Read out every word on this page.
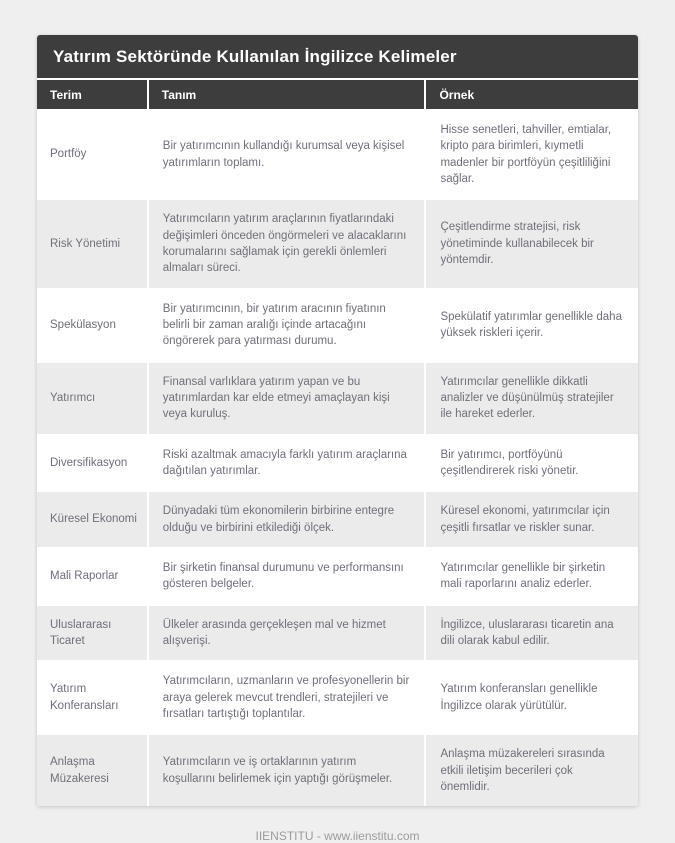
Yatırım Sektöründe Kullanılan İngilizce Kelimeler
Terim	Tanım	Örnek
Portföy	Bir yatırımcının kullandığı kurumsal veya kişisel yatırımların toplamı.	Hisse senetleri, tahviller, emtialar, kripto para birimleri, kıymetli madenler bir portföyün çeşitliliğini sağlar.
Risk Yönetimi	Yatırımcıların yatırım araçlarının fiyatlarındaki değişimleri önceden öngörmeleri ve alacaklarını korumalarını sağlamak için gerekli önlemleri almaları süreci.	Çeşitlendirme stratejisi, risk yönetiminde kullanabilecek bir yöntemdir.
Spekülasyon	Bir yatırımcının, bir yatırım aracının fiyatının belirli bir zaman aralığı içinde artacağını öngörerek para yatırması durumu.	Spekülatif yatırımlar genellikle daha yüksek riskleri içerir.
Yatırımcı	Finansal varlıklara yatırım yapan ve bu yatırımlardan kar elde etmeyi amaçlayan kişi veya kuruluş.	Yatırımcılar genellikle dikkatli analizler ve düşünülmüş stratejiler ile hareket ederler.
Diversifikasyon	Riski azaltmak amacıyla farklı yatırım araçlarına dağıtılan yatırımlar.	Bir yatırımcı, portföyünü çeşitlendirerek riski yönetir.
Küresel Ekonomi	Dünyadaki tüm ekonomilerin birbirine entegre olduğu ve birbirini etkilediği ölçek.	Küresel ekonomi, yatırımcılar için çeşitli fırsatlar ve riskler sunar.
Mali Raporlar	Bir şirketin finansal durumunu ve performansını gösteren belgeler.	Yatırımcılar genellikle bir şirketin mali raporlarını analiz ederler.
Uluslararası Ticaret	Ülkeler arasında gerçekleşen mal ve hizmet alışverişi.	İngilizce, uluslararası ticaretin ana dili olarak kabul edilir.
Yatırım Konferansları	Yatırımcıların, uzmanların ve profesyonellerin bir araya gelerek mevcut trendleri, stratejileri ve fırsatları tartıştığı toplantılar.	Yatırım konferansları genellikle İngilizce olarak yürütülür.
Anlaşma Müzakeresi	Yatırımcıların ve iş ortaklarının yatırım koşullarını belirlemek için yaptığı görüşmeler.	Anlaşma müzakereleri sırasında etkili iletişim becerileri çok önemlidir.
IIENSTITU - www.iienstitu.com
